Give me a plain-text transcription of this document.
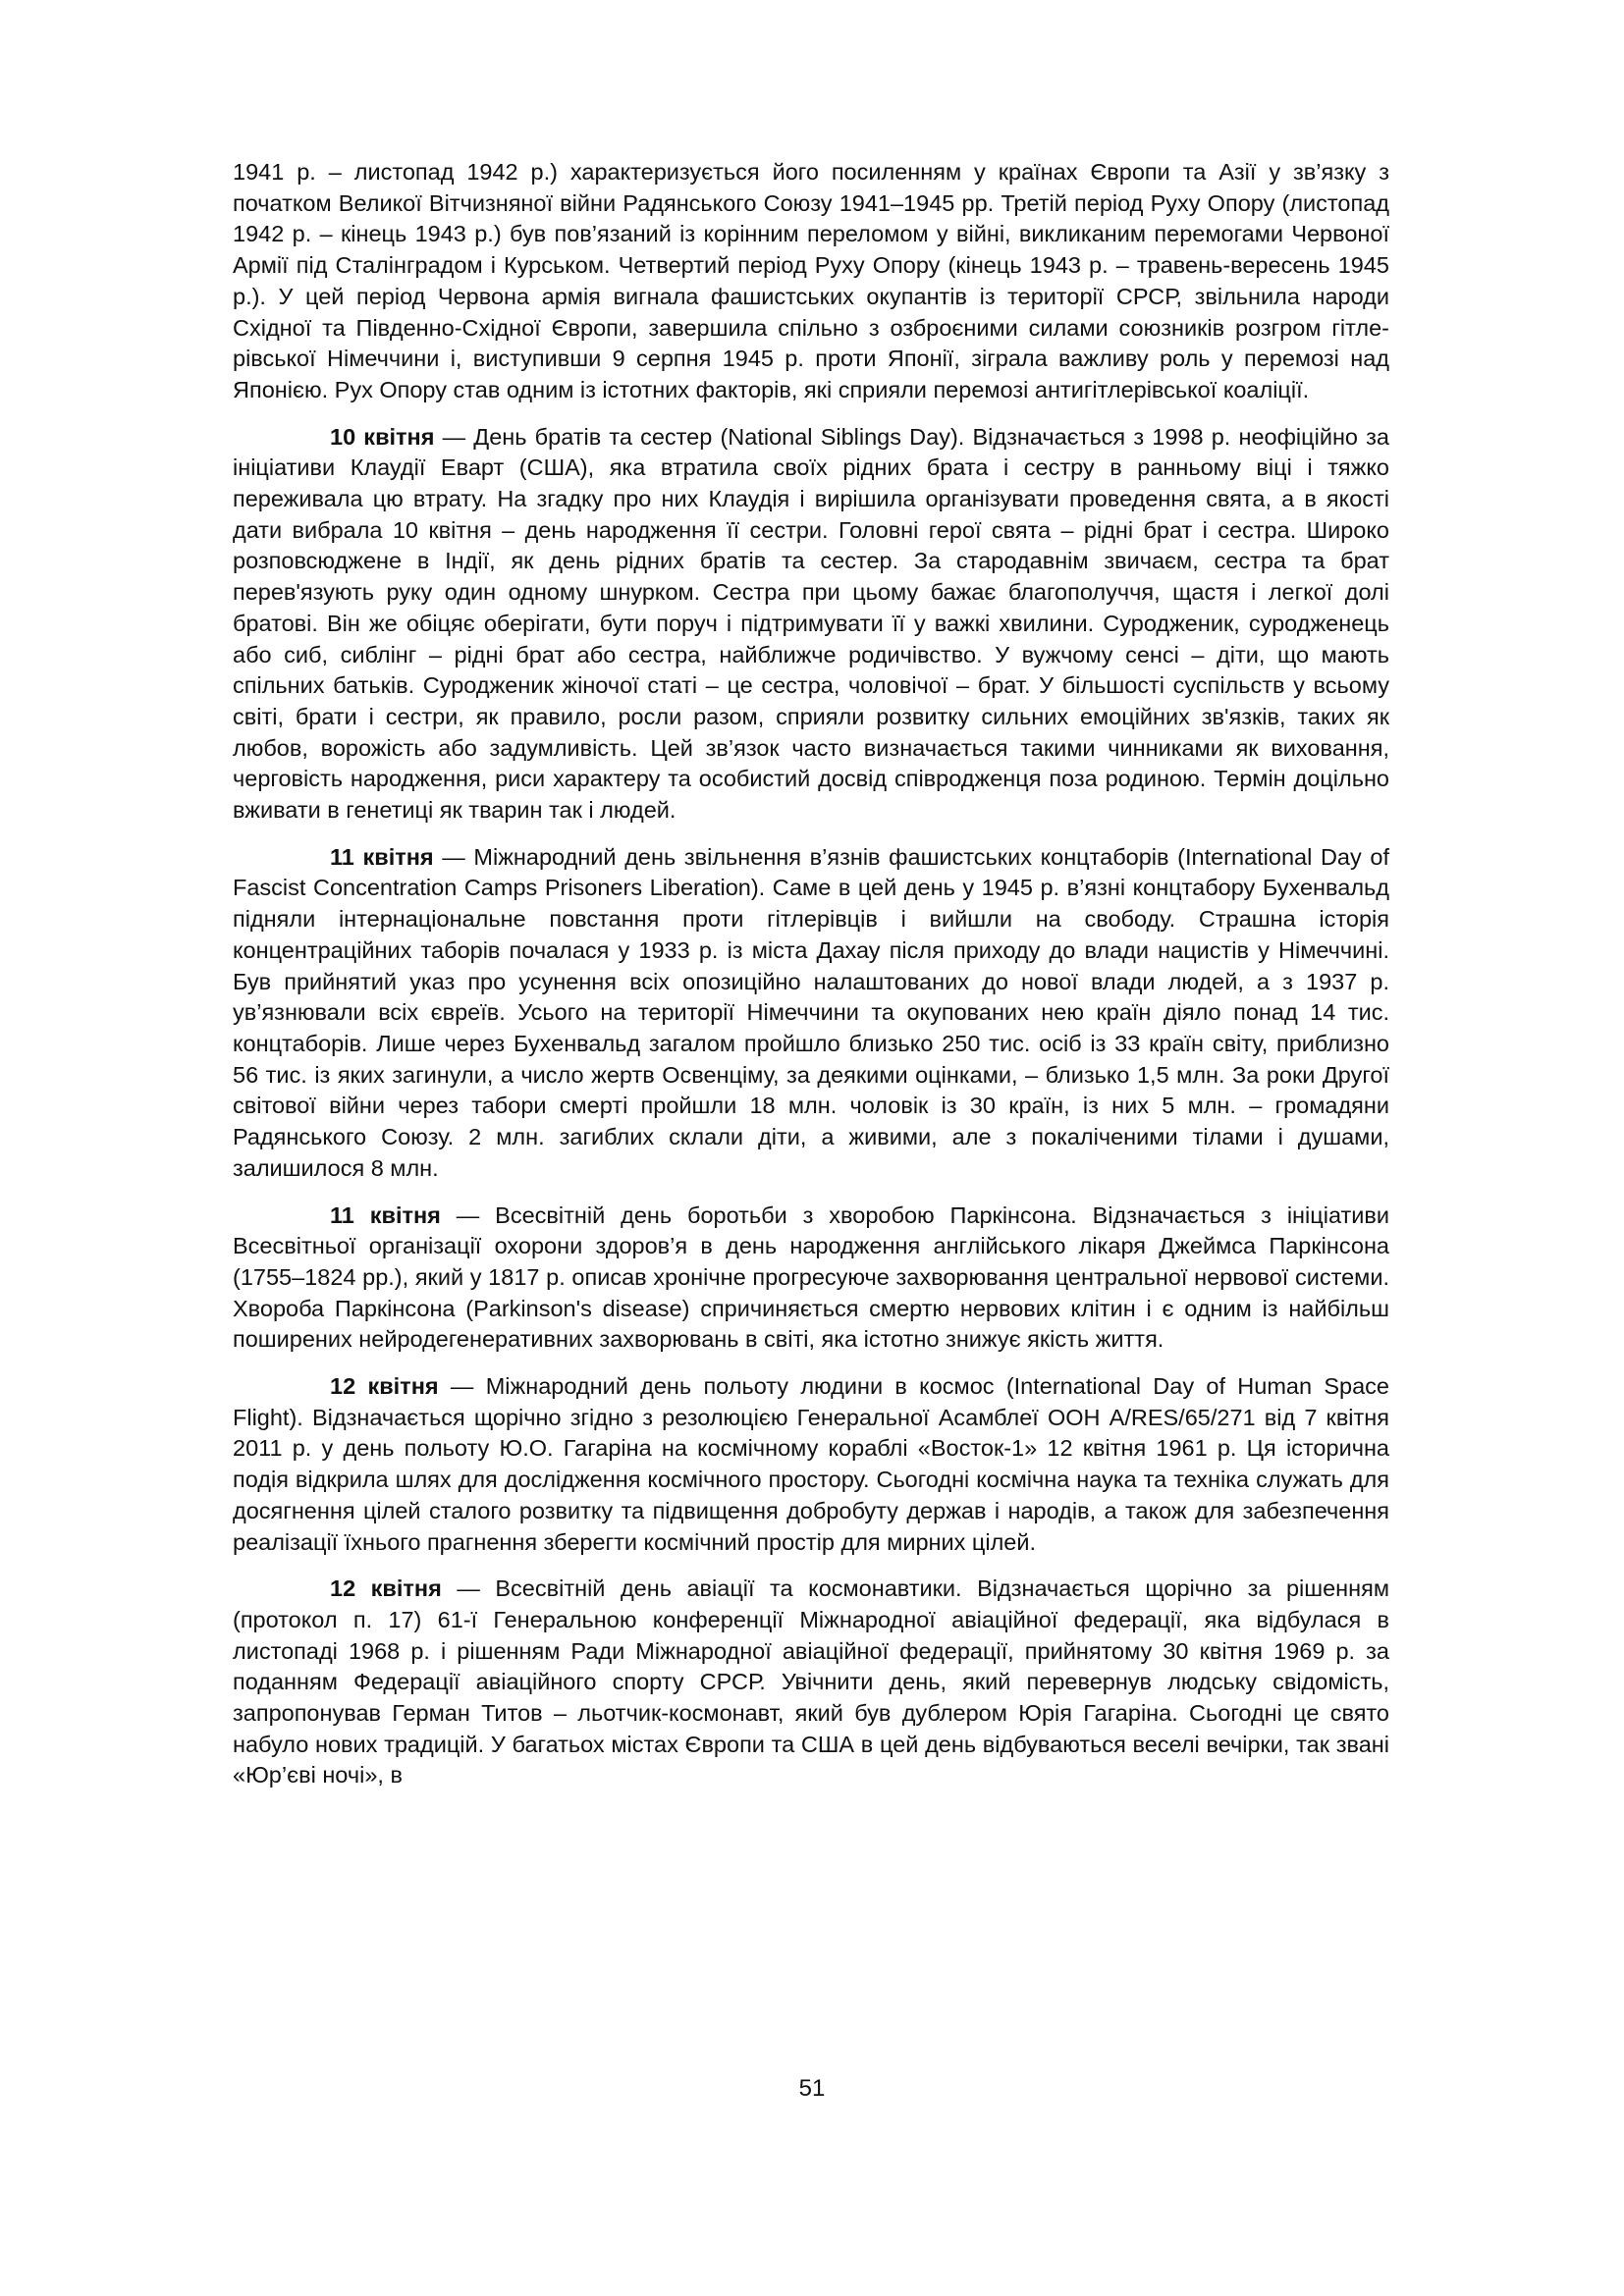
1941 р. – листопад 1942 р.) характеризується його посиленням у країнах Європи та Азії у зв’язку з початком Великої Вітчизняної війни Радянського Союзу 1941–1945 рр. Третій період Руху Опору (листопад 1942 р. – кінець 1943 р.) був пов’язаний із корінним переломом у війні, викликаним перемогами Червоної Армії під Сталінградом і Курськом. Четвертий період Руху Опору (кінець 1943 р. – травень-вересень 1945 р.). У цей період Червона армія вигнала фашистських окупантів із території СРСР, звільнила народи Східної та Південно-Східної Європи, завершила спільно з озброєними силами союзників розгром гітлерівської Німеччини і, виступивши 9 серпня 1945 р. проти Японії, зіграла важливу роль у перемозі над Японією. Рух Опору став одним із істотних факторів, які сприяли перемозі антигітлерівської коаліції.

10 квітня — День братів та сестер (National Siblings Day). Відзначається з 1998 р. неофіційно за ініціативи Клаудії Еварт (США), яка втратила своїх рідних брата і сестру в ранньому віці і тяжко переживала цю втрату. На згадку про них Клаудія і вирішила організувати проведення свята, а в якості дати вибрала 10 квітня – день народження її сестри. Головні герої свята – рідні брат і сестра. Широко розповсюджене в Індії, як день рідних братів та сестер. За стародавнім звичаєм, сестра та брат перев'язують руку один одному шнурком. Сестра при цьому бажає благополуччя, щастя і легкої долі братові. Він же обіцяє оберігати, бути поруч і підтримувати її у важкі хвилини. Суродженик, суродженець або сиб, сиблінг – рідні брат або сестра, найближче родичівство. У вужчому сенсі – діти, що мають спільних батьків. Суродженик жіночої статі – це сестра, чоловічої – брат. У більшості суспільств у всьому світі, брати і сестри, як правило, росли разом, сприяли розвитку сильних емоційних зв'язків, таких як любов, ворожість або задумливість. Цей зв’язок часто визначається такими чинниками як виховання, черговість народження, риси характеру та особистий досвід співродженця поза родиною. Термін доцільно вживати в генетиці як тварин так і людей.

11 квітня — Міжнародний день звільнення в’язнів фашистських концтаборів (International Day of Fascist Concentration Camps Prisoners Liberation). Саме в цей день у 1945 р. в’язні концтабору Бухенвальд підняли інтернаціональне повстання проти гітлерівців і вийшли на свободу. Страшна історія концентраційних таборів почалася у 1933 р. із міста Дахау після приходу до влади нацистів у Німеччині. Був прийнятий указ про усунення всіх опозиційно налаштованих до нової влади людей, а з 1937 р. ув’язнювали всіх євреїв. Усього на території Німеччини та окупованих нею країн діяло понад 14 тис. концтаборів. Лише через Бухенвальд загалом пройшло близько 250 тис. осіб із 33 країн світу, приблизно 56 тис. із яких загинули, а число жертв Освенціму, за деякими оцінками, – близько 1,5 млн. За роки Другої світової війни через табори смерті пройшли 18 млн. чоловік із 30 країн, із них 5 млн. – громадяни Радянського Союзу. 2 млн. загиблих склали діти, а живими, але з покаліченими тілами і душами, залишилося 8 млн.

11 квітня — Всесвітній день боротьби з хворобою Паркінсона. Відзначається з ініціативи Всесвітньої організації охорони здоров’я в день народження англійського лікаря Джеймса Паркінсона (1755–1824 рр.), який у 1817 р. описав хронічне прогресуюче захворювання центральної нервової системи. Хвороба Паркінсона (Parkinson's disease) спричиняється смертю нервових клітин і є одним із найбільш поширених нейродегенеративних захворювань в світі, яка істотно знижує якість життя.

12 квітня — Міжнародний день польоту людини в космос (International Day of Human Space Flight). Відзначається щорічно згідно з резолюцією Генеральної Асамблеї ООН A/RES/65/271 від 7 квітня 2011 р. у день польоту Ю.О. Гагаріна на космічному кораблі «Восток-1» 12 квітня 1961 р. Ця історична подія відкрила шлях для дослідження космічного простору. Сьогодні космічна наука та техніка служать для досягнення цілей сталого розвитку та підвищення добробуту держав і народів, а також для забезпечення реалізації їхнього прагнення зберегти космічний простір для мирних цілей.

12 квітня — Всесвітній день авіації та космонавтики. Відзначається щорічно за рішенням (протокол п. 17) 61-ї Генеральною конференції Міжнародної авіаційної федерації, яка відбулася в листопаді 1968 р. і рішенням Ради Міжнародної авіаційної федерації, прийнятому 30 квітня 1969 р. за поданням Федерації авіаційного спорту СРСР. Увічнити день, який перевернув людську свідомість, запропонував Герман Титов – льотчик-космонавт, який був дублером Юрія Гагаріна. Сьогодні це свято набуло нових традицій. У багатьох містах Європи та США в цей день відбуваються веселі вечірки, так звані «Юр’єві ночі», в

51
